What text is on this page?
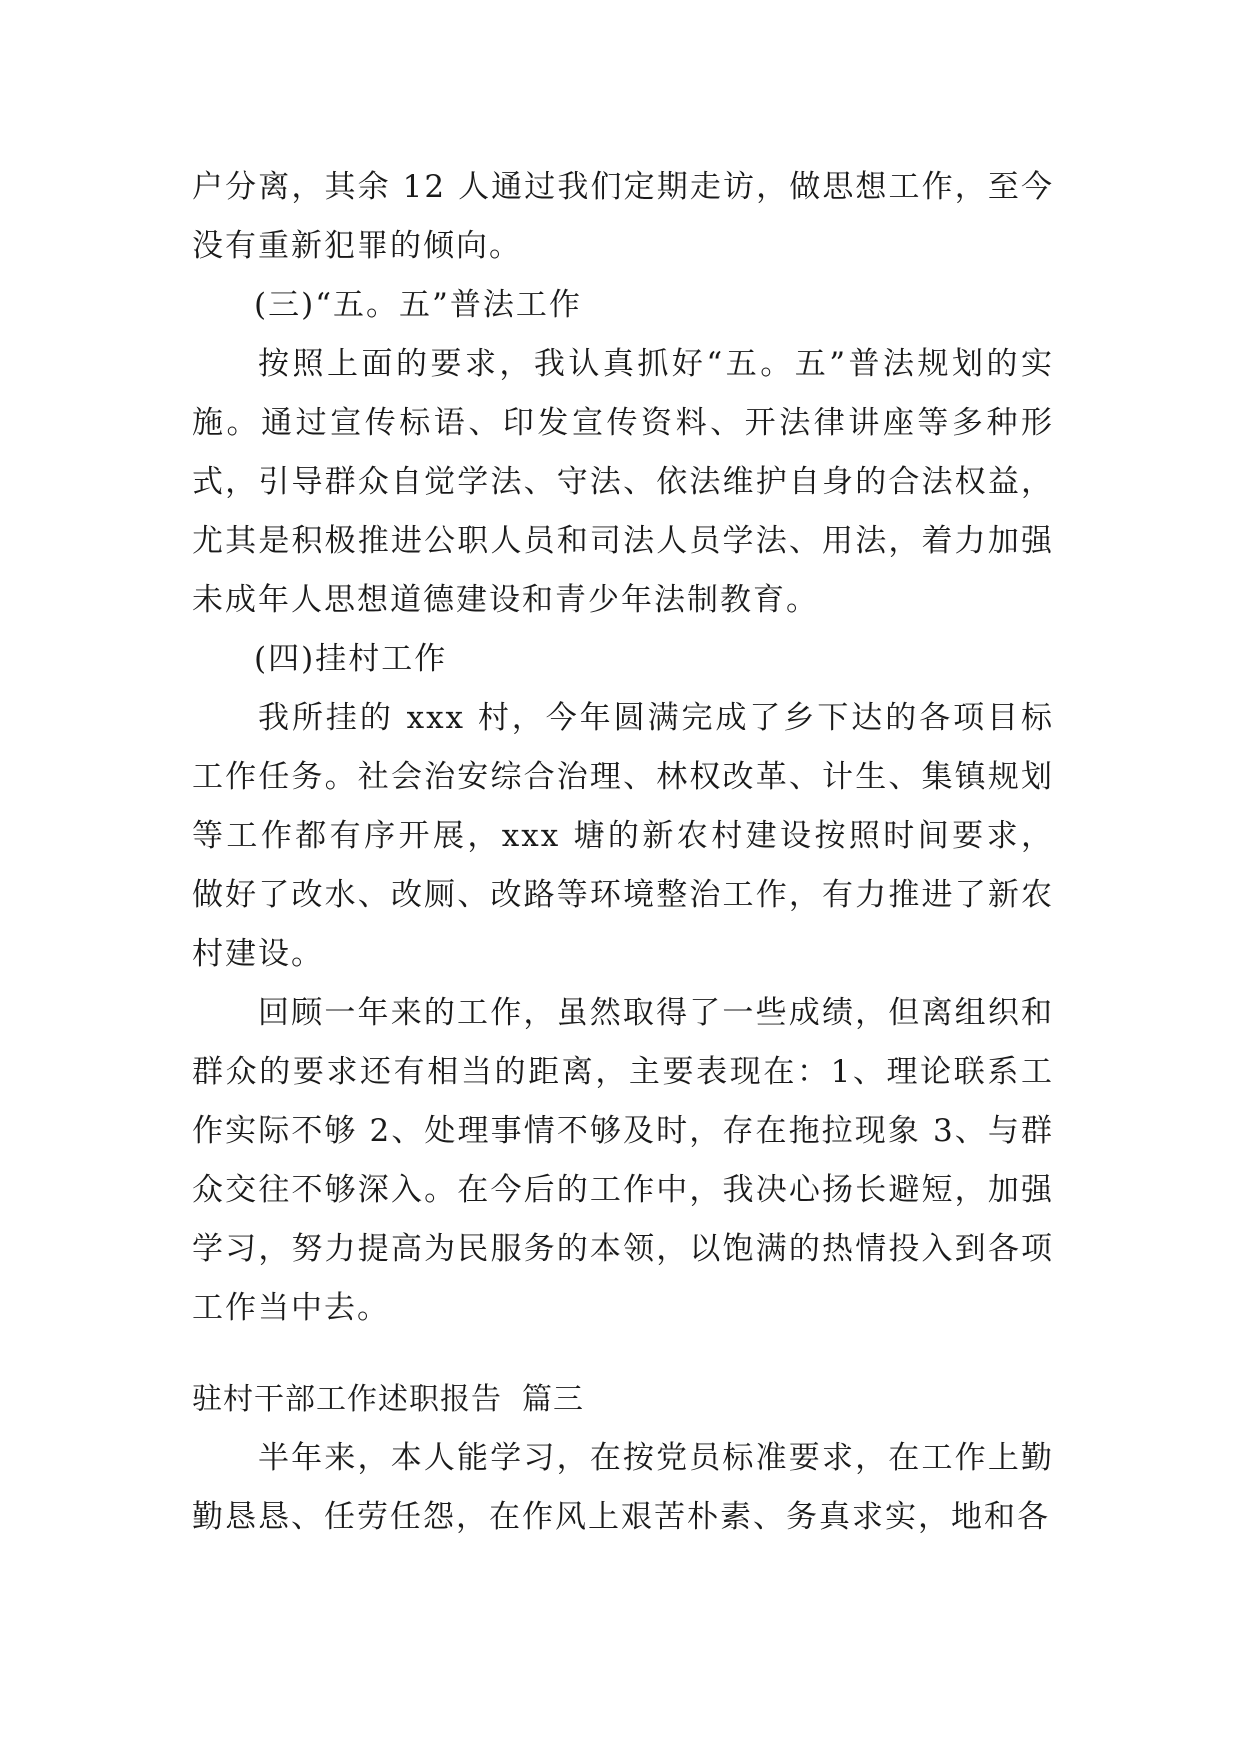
户分离，其余 12 人通过我们定期走访，做思想工作，至今没有重新犯罪的倾向。

(三)“五。五”普法工作

按照上面的要求，我认真抓好“五。五”普法规划的实施。通过宣传标语、印发宣传资料、开法律讲座等多种形式，引导群众自觉学法、守法、依法维护自身的合法权益，尤其是积极推进公职人员和司法人员学法、用法，着力加强未成年人思想道德建设和青少年法制教育。

(四)挂村工作

我所挂的 xxx 村，今年圆满完成了乡下达的各项目标工作任务。社会治安综合治理、林权改革、计生、集镇规划等工作都有序开展，xxx 塘的新农村建设按照时间要求，做好了改水、改厕、改路等环境整治工作，有力推进了新农村建设。

回顾一年来的工作，虽然取得了一些成绩，但离组织和群众的要求还有相当的距离，主要表现在：1、理论联系工作实际不够 2、处理事情不够及时，存在拖拉现象 3、与群众交往不够深入。在今后的工作中，我决心扬长避短，加强学习，努力提高为民服务的本领，以饱满的热情投入到各项工作当中去。

驻村干部工作述职报告 篇三

半年来，本人能学习，在按党员标准要求，在工作上勤勤恳恳、任劳任怨，在作风上艰苦朴素、务真求实，地和各
